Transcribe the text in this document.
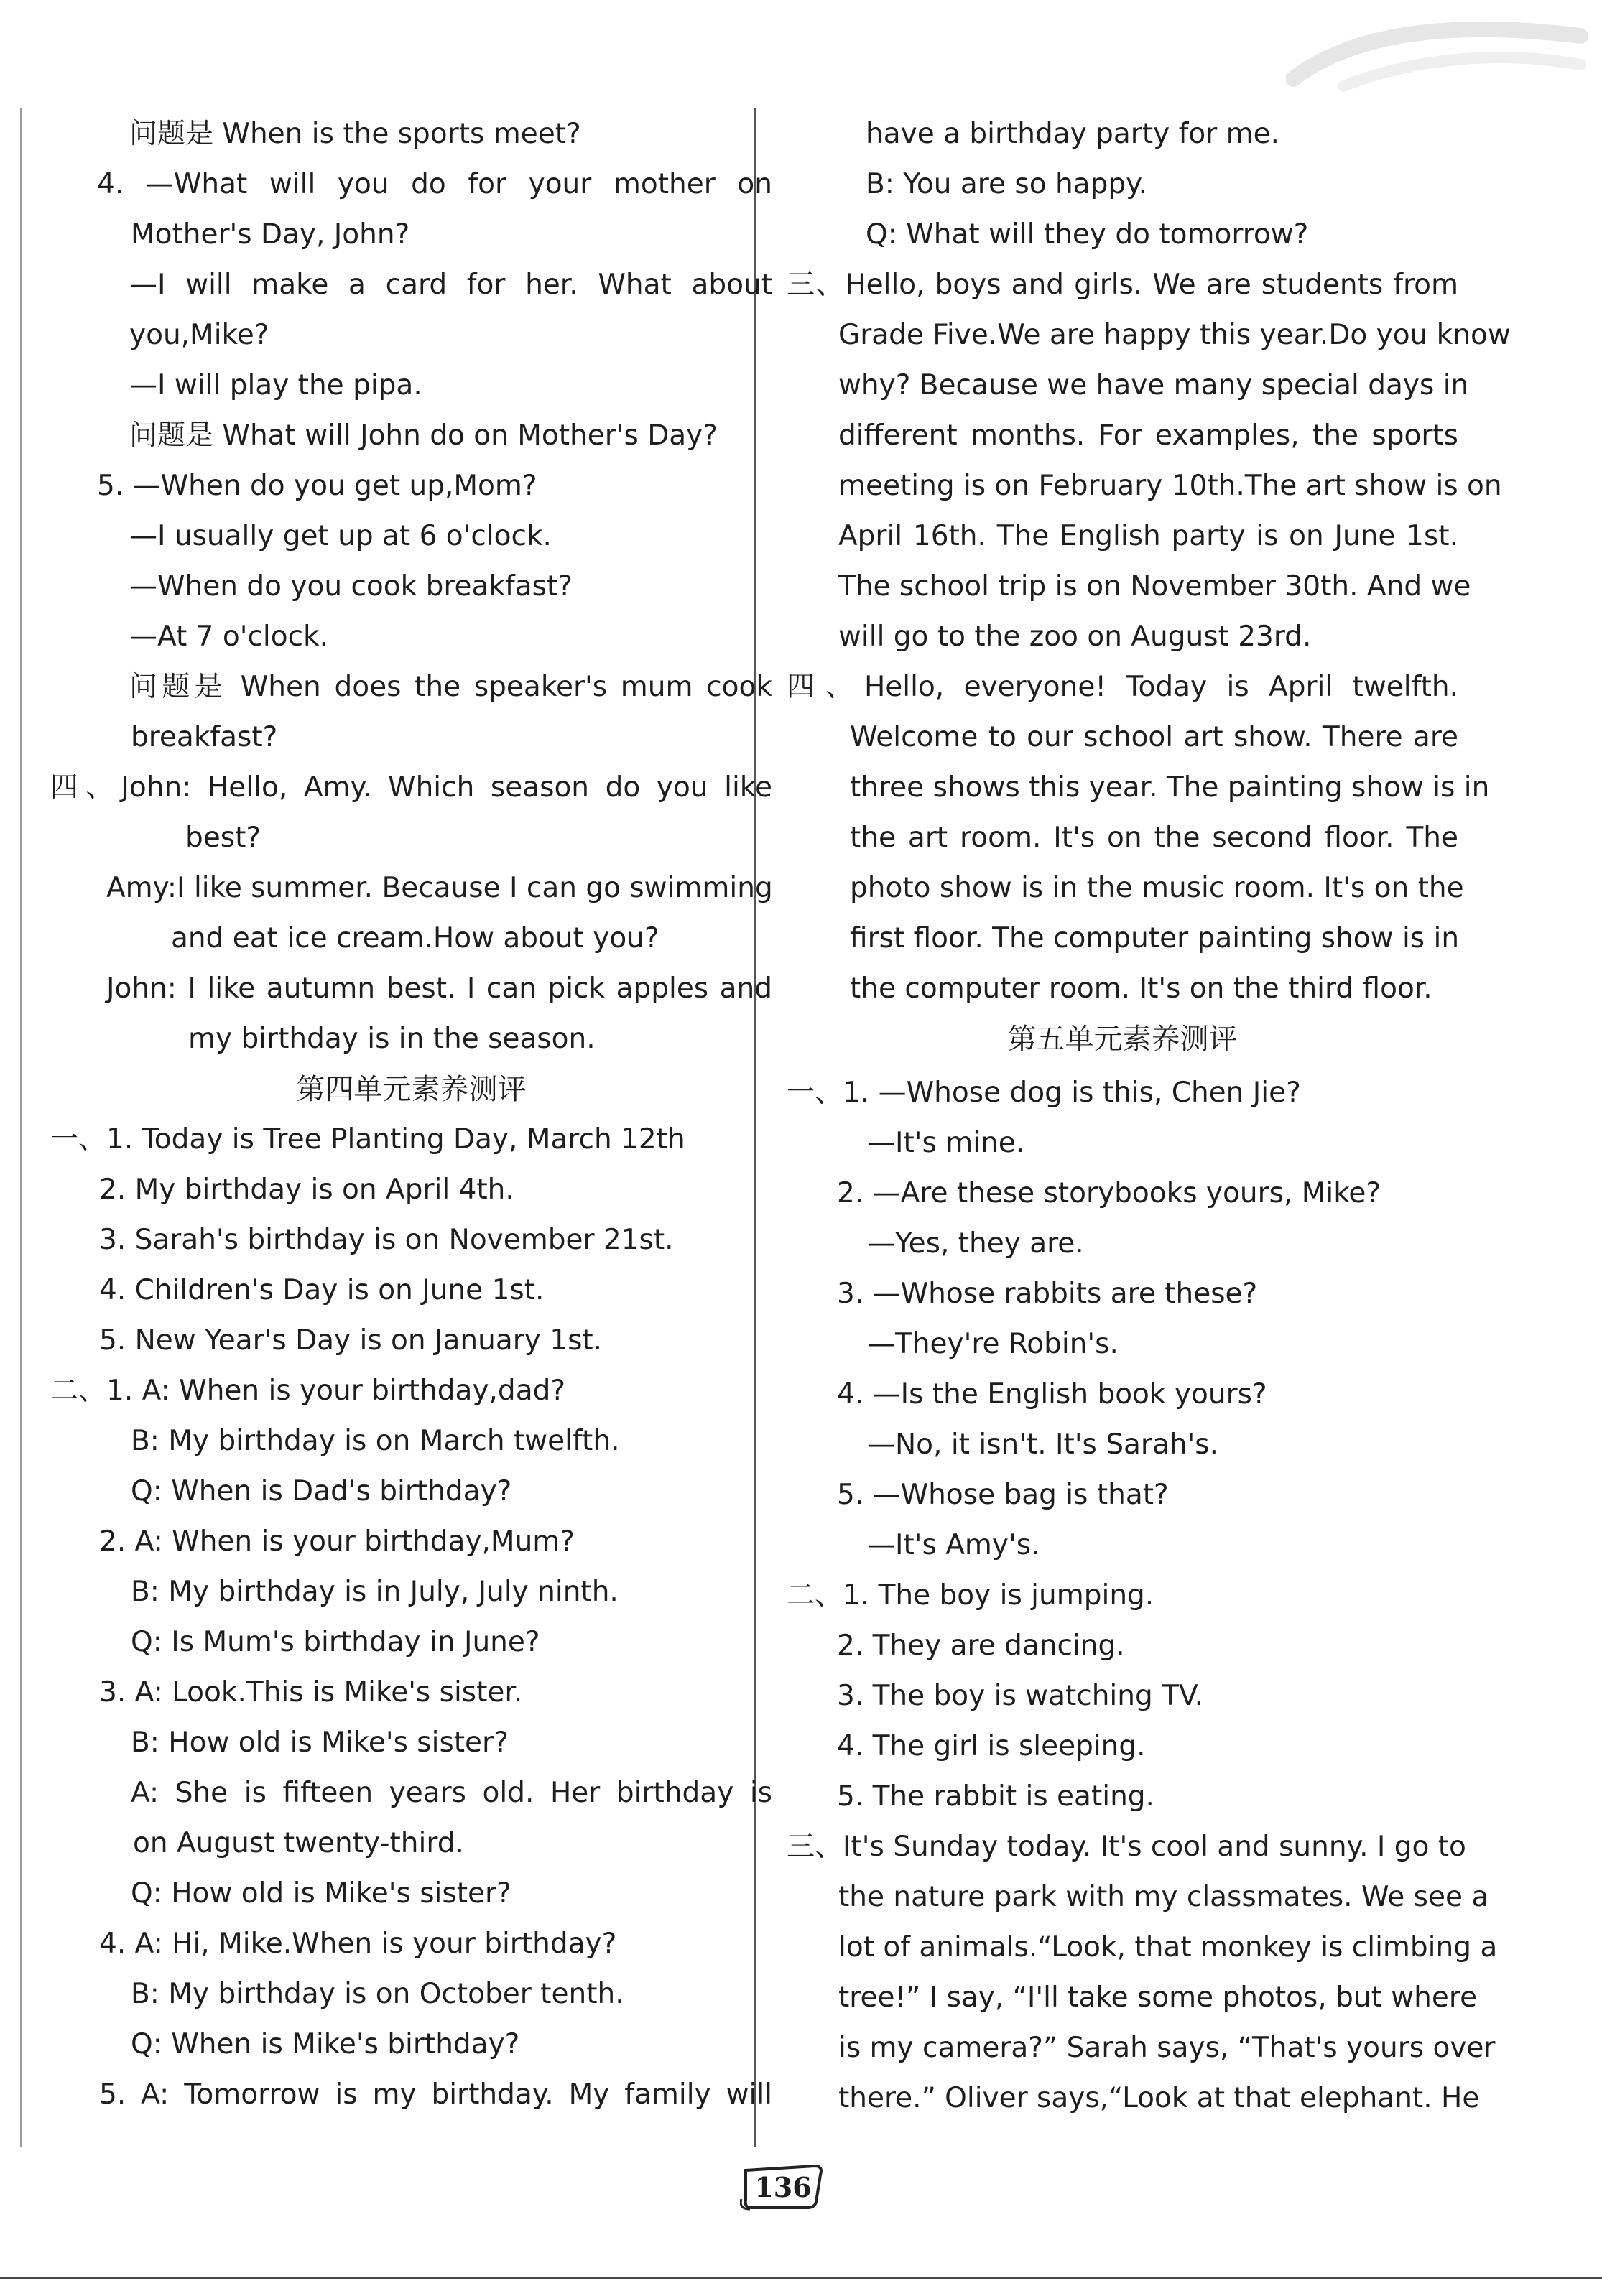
问题是 When is the sports meet?
4. —What will you do for your mother on
Mother's Day, John?
—I will make a card for her. What about
you,Mike?
—I will play the pipa.
问题是 What will John do on Mother's Day?
5. —When do you get up,Mom?
—I usually get up at 6 o'clock.
—When do you cook breakfast?
—At 7 o'clock.
问题是 When does the speaker's mum cook
breakfast?
四、John: Hello, Amy. Which season do you like
best?
Amy:I like summer. Because I can go swimming
and eat ice cream.How about you?
John: I like autumn best. I can pick apples and
my birthday is in the season.
第四单元素养测评
一、1. Today is Tree Planting Day, March 12th
2. My birthday is on April 4th.
3. Sarah's birthday is on November 21st.
4. Children's Day is on June 1st.
5. New Year's Day is on January 1st.
二、1. A: When is your birthday,dad?
B: My birthday is on March twelfth.
Q: When is Dad's birthday?
2. A: When is your birthday,Mum?
B: My birthday is in July, July ninth.
Q: Is Mum's birthday in June?
3. A: Look.This is Mike's sister.
B: How old is Mike's sister?
A: She is fifteen years old. Her birthday is
on August twenty-third.
Q: How old is Mike's sister?
4. A: Hi, Mike.When is your birthday?
B: My birthday is on October tenth.
Q: When is Mike's birthday?
5. A: Tomorrow is my birthday. My family will
have a birthday party for me.
B: You are so happy.
Q: What will they do tomorrow?
三、Hello, boys and girls. We are students from
Grade Five.We are happy this year.Do you know
why? Because we have many special days in
different months. For examples, the sports
meeting is on February 10th.The art show is on
April 16th. The English party is on June 1st.
The school trip is on November 30th. And we
will go to the zoo on August 23rd.
四、Hello, everyone! Today is April twelfth.
Welcome to our school art show. There are
three shows this year. The painting show is in
the art room. It's on the second floor. The
photo show is in the music room. It's on the
first floor. The computer painting show is in
the computer room. It's on the third floor.
第五单元素养测评
一、1. —Whose dog is this, Chen Jie?
—It's mine.
2. —Are these storybooks yours, Mike?
—Yes, they are.
3. —Whose rabbits are these?
—They're Robin's.
4. —Is the English book yours?
—No, it isn't. It's Sarah's.
5. —Whose bag is that?
—It's Amy's.
二、1. The boy is jumping.
2. They are dancing.
3. The boy is watching TV.
4. The girl is sleeping.
5. The rabbit is eating.
三、It's Sunday today. It's cool and sunny. I go to
the nature park with my classmates. We see a
lot of animals.“Look, that monkey is climbing a
tree!” I say, “I'll take some photos, but where
is my camera?” Sarah says, “That's yours over
there.” Oliver says,“Look at that elephant. He
136
